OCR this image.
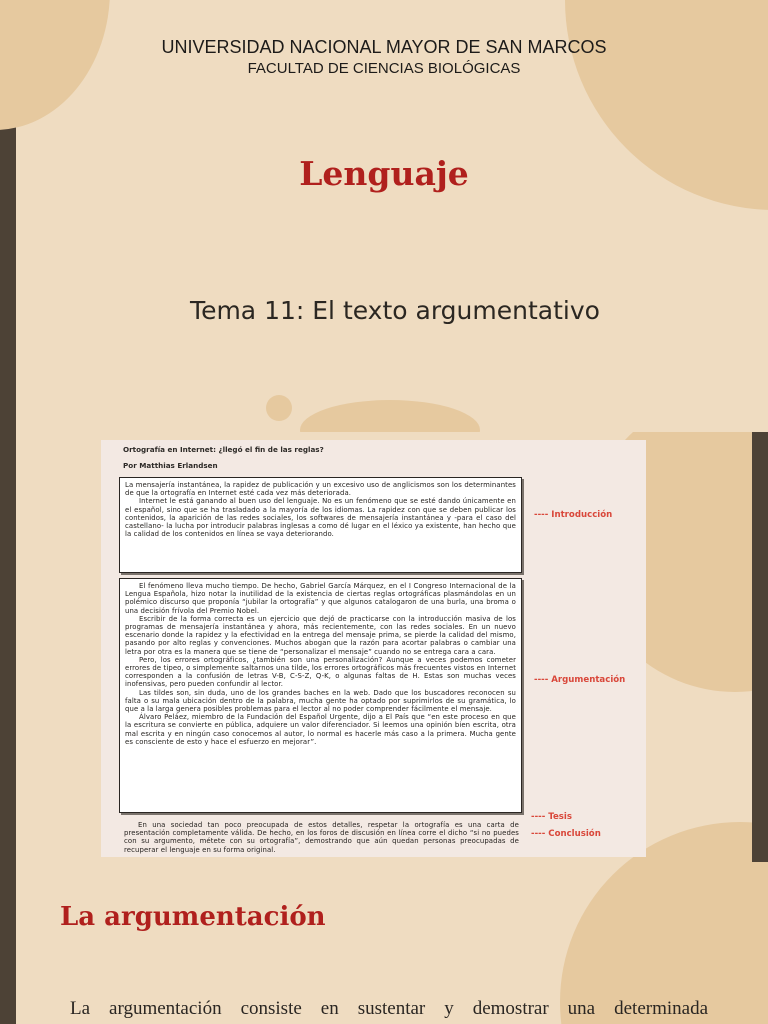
UNIVERSIDAD NACIONAL MAYOR DE SAN MARCOS
FACULTAD DE CIENCIAS BIOLÓGICAS
Lenguaje
Tema 11: El texto argumentativo
Ortografía en Internet: ¿llegó el fin de las reglas?
Por Matthias Erlandsen

La mensajería instantánea, la rapidez de publicación y un excesivo uso de anglicismos son los determinantes de que la ortografía en Internet esté cada vez más deteriorada.

Internet le está ganando al buen uso del lenguaje. No es un fenómeno que se esté dando únicamente en el español, sino que se ha trasladado a la mayoría de los idiomas. La rapidez con que se deben publicar los contenidos, la aparición de las redes sociales, los softwares de mensajería instantánea y -para el caso del castellano- la lucha por introducir palabras inglesas a como dé lugar en el léxico ya existente, han hecho que la calidad de los contenidos en línea se vaya deteriorando.

El fenómeno lleva mucho tiempo. De hecho, Gabriel García Márquez, en el I Congreso Internacional de la Lengua Española, hizo notar la inutilidad de la existencia de ciertas reglas ortográficas plasmándolas en un polémico discurso que proponía “jubilar la ortografía” y que algunos catalogaron de una burla, una broma o una decisión frívola del Premio Nobel.

Escribir de la forma correcta es un ejercicio que dejó de practicarse con la introducción masiva de los programas de mensajería instantánea y ahora, más recientemente, con las redes sociales. En un nuevo escenario donde la rapidez y la efectividad en la entrega del mensaje prima, se pierde la calidad del mismo, pasando por alto reglas y convenciones. Muchos abogan que la razón para acortar palabras o cambiar una letra por otra es la manera que se tiene de “personalizar el mensaje” cuando no se entrega cara a cara.

Pero, los errores ortográficos, ¿también son una personalización? Aunque a veces podemos cometer errores de tipeo, o simplemente saltarnos una tilde, los errores ortográficos más frecuentes vistos en Internet corresponden a la confusión de letras V-B, C-S-Z, Q-K, o algunas faltas de H. Estas son muchas veces inofensivas, pero pueden confundir al lector.

Las tildes son, sin duda, uno de los grandes baches en la web. Dado que los buscadores reconocen su falta o su mala ubicación dentro de la palabra, mucha gente ha optado por suprimirlos de su gramática, lo que a la larga genera posibles problemas para el lector al no poder comprender fácilmente el mensaje.

Álvaro Peláez, miembro de la Fundación del Español Urgente, dijo a El País que “en este proceso en que la escritura se convierte en pública, adquiere un valor diferenciador. Si leemos una opinión bien escrita, otra mal escrita y en ningún caso conocemos al autor, lo normal es hacerle más caso a la primera. Mucha gente es consciente de esto y hace el esfuerzo en mejorar”.

En una sociedad tan poco preocupada de estos detalles, respetar la ortografía es una carta de presentación completamente válida. De hecho, en los foros de discusión en línea corre el dicho “si no puedes con su argumento, métete con su ortografía”, demostrando que aún quedan personas preocupadas de recuperar el lenguaje en su forma original.

---- Introducción
---- Argumentación
---- Tesis
---- Conclusión
La argumentación
La argumentación consiste en sustentar y demostrar una determinada
